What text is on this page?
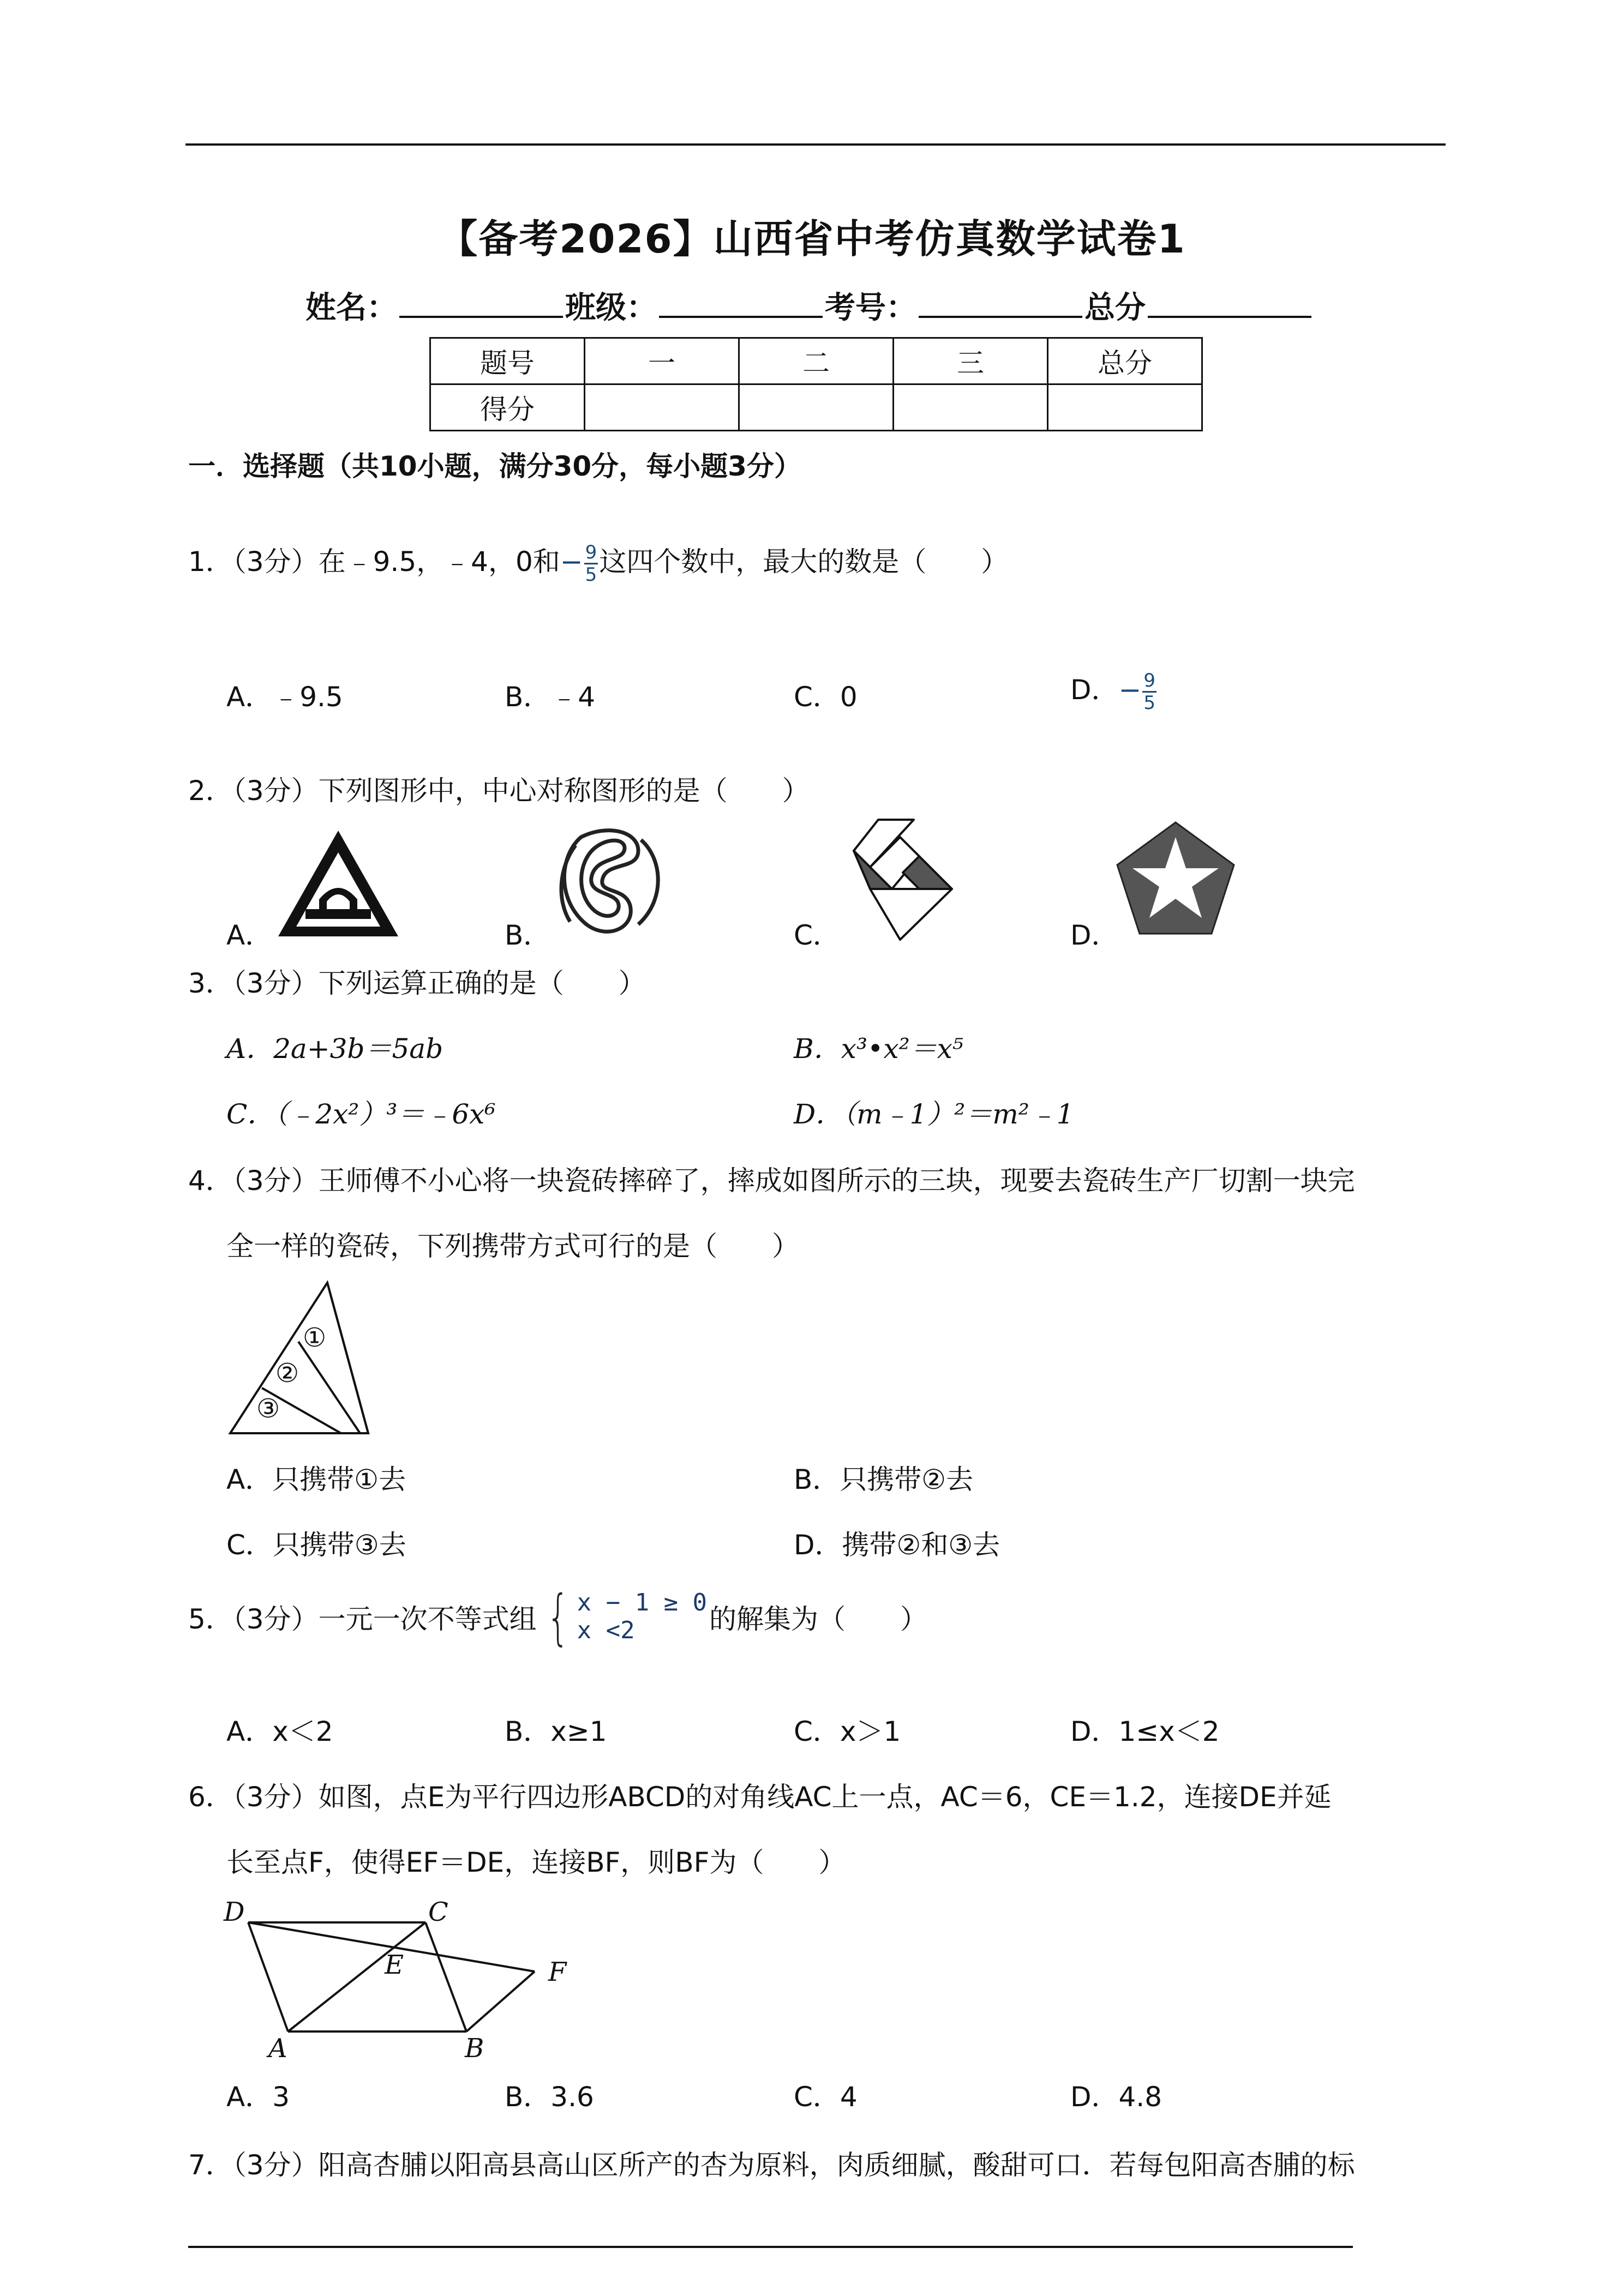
【备考2026】山西省中考仿真数学试卷1
姓名：	班级：	考号：	总分
题号	一	二	三	总分
得分				
一．选择题（共10小题，满分30分，每小题3分）
1．（3分）在﹣9.5，﹣4，0和− $\frac{9}{5}$ 这四个数中，最大的数是（　　）
A．﹣9.5	B．﹣4	C．0	D．− $\frac{9}{5}$
2．（3分）下列图形中，中心对称图形的是（　　）
A．	B．	C．	D．
3．（3分）下列运算正确的是（　　）
A．2a+3b＝5ab	B．x³•x²＝x⁵
C．（﹣2x²）³＝﹣6x⁶	D．（m﹣1）²＝m²﹣1
4．（3分）王师傅不小心将一块瓷砖摔碎了，摔成如图所示的三块，现要去瓷砖生产厂切割一块完
全一样的瓷砖，下列携带方式可行的是（　　）
①
②
③
A．只携带①去	B．只携带②去
C．只携带③去	D．携带②和③去
5．（3分）一元一次不等式组 { x − 1 ≥ 0
x <2	的解集为（　　）
A．x＜2	B．x≥1	C．x＞1	D．1≤x＜2
6．（3分）如图，点E为平行四边形ABCD的对角线AC上一点，AC＝6，CE＝1.2，连接DE并延
长至点F，使得EF＝DE，连接BF，则BF为（　　）
D	C
E	F
A	B
A．3	B．3.6	C．4	D．4.8
7．（3分）阳高杏脯以阳高县高山区所产的杏为原料，肉质细腻，酸甜可口．若每包阳高杏脯的标
